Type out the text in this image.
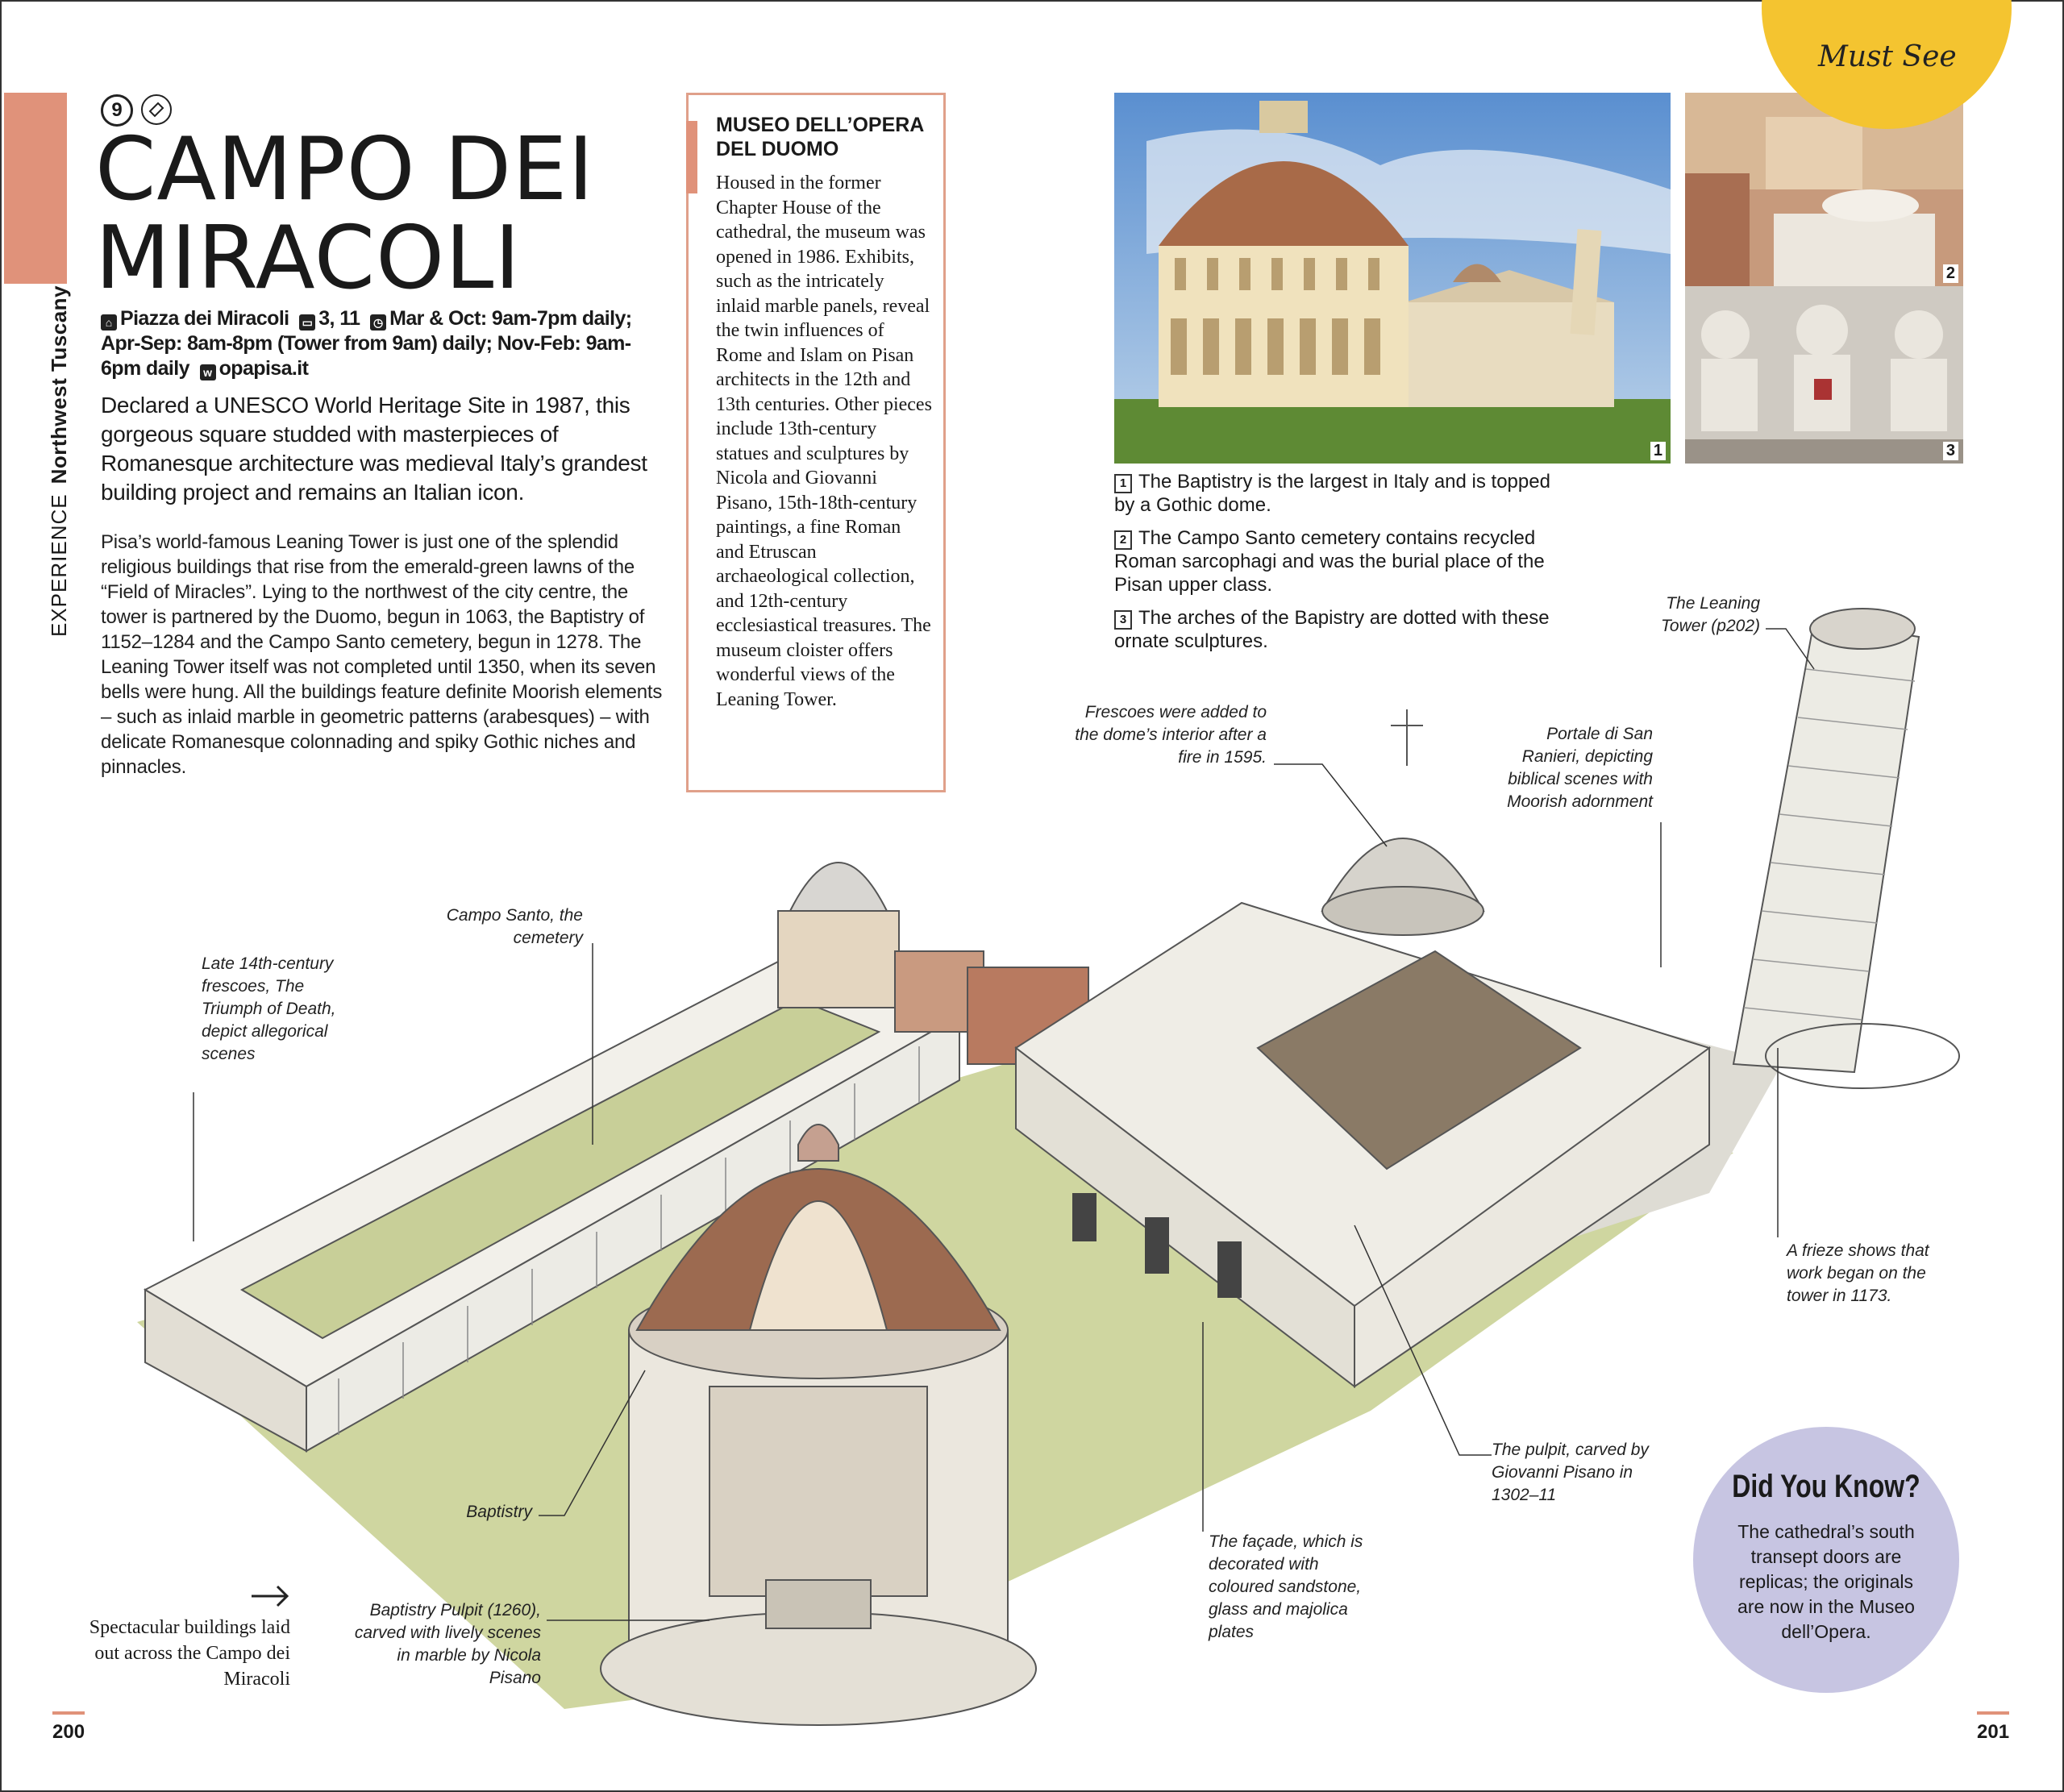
EXPERIENCENorthwest Tuscany
9
CAMPO DEI
MIRACOLI
⌂ Piazza dei Miracoli ▭ 3, 11 ◷ Mar & Oct: 9am-7pm daily; Apr-Sep: 8am-8pm (Tower from 9am) daily; Nov-Feb: 9am-6pm daily w opapisa.it
Declared a UNESCO World Heritage Site in 1987, this gorgeous square studded with masterpieces of Romanesque architecture was medieval Italy’s grandest building project and remains an Italian icon.
Pisa’s world-famous Leaning Tower is just one of the splendid religious buildings that rise from the emerald-green lawns of the “Field of Miracles”. Lying to the northwest of the city centre, the tower is partnered by the Duomo, begun in 1063, the Baptistry of 1152–1284 and the Campo Santo cemetery, begun in 1278. The Leaning Tower itself was not completed until 1350, when its seven bells were hung. All the buildings feature definite Moorish elements – such as inlaid marble in geometric patterns (arabesques) – with delicate Romanesque colonnading and spiky Gothic niches and pinnacles.
MUSEO DELL’OPERA DEL DUOMO

Housed in the former Chapter House of the cathedral, the museum was opened in 1986. Exhibits, such as the intricately inlaid marble panels, reveal the twin influences of Rome and Islam on Pisan architects in the 12th and 13th centuries. Other pieces include 13th-century statues and sculptures by Nicola and Giovanni Pisano, 15th-18th-century paintings, a fine Roman and Etruscan archaeological collection, and 12th-century ecclesiastical treasures. The museum cloister offers wonderful views of the Leaning Tower.

1
2
3
Must See
1 The Baptistry is the largest in Italy and is topped by a Gothic dome.
2 The Campo Santo cemetery contains recycled Roman sarcophagi and was the burial place of the Pisan upper class.
3 The arches of the Bapistry are dotted with these ornate sculptures.
Late 14th-century frescoes, The Triumph of Death, depict allegorical scenes
Campo Santo, the cemetery
Frescoes were added to the dome’s interior after a fire in 1595.
Portale di San Ranieri, depicting biblical scenes with Moorish adornment
The Leaning Tower (p202)
A frieze shows that work began on the tower in 1173.
The pulpit, carved by Giovanni Pisano in 1302–11
The façade, which is decorated with coloured sandstone, glass and majolica plates
Baptistry
Baptistry Pulpit (1260), carved with lively scenes in marble by Nicola Pisano
Spectacular buildings laid out across the Campo dei Miracoli
Did You Know?

The cathedral’s south transept doors are replicas; the originals are now in the Museo dell’Opera.

200	201
